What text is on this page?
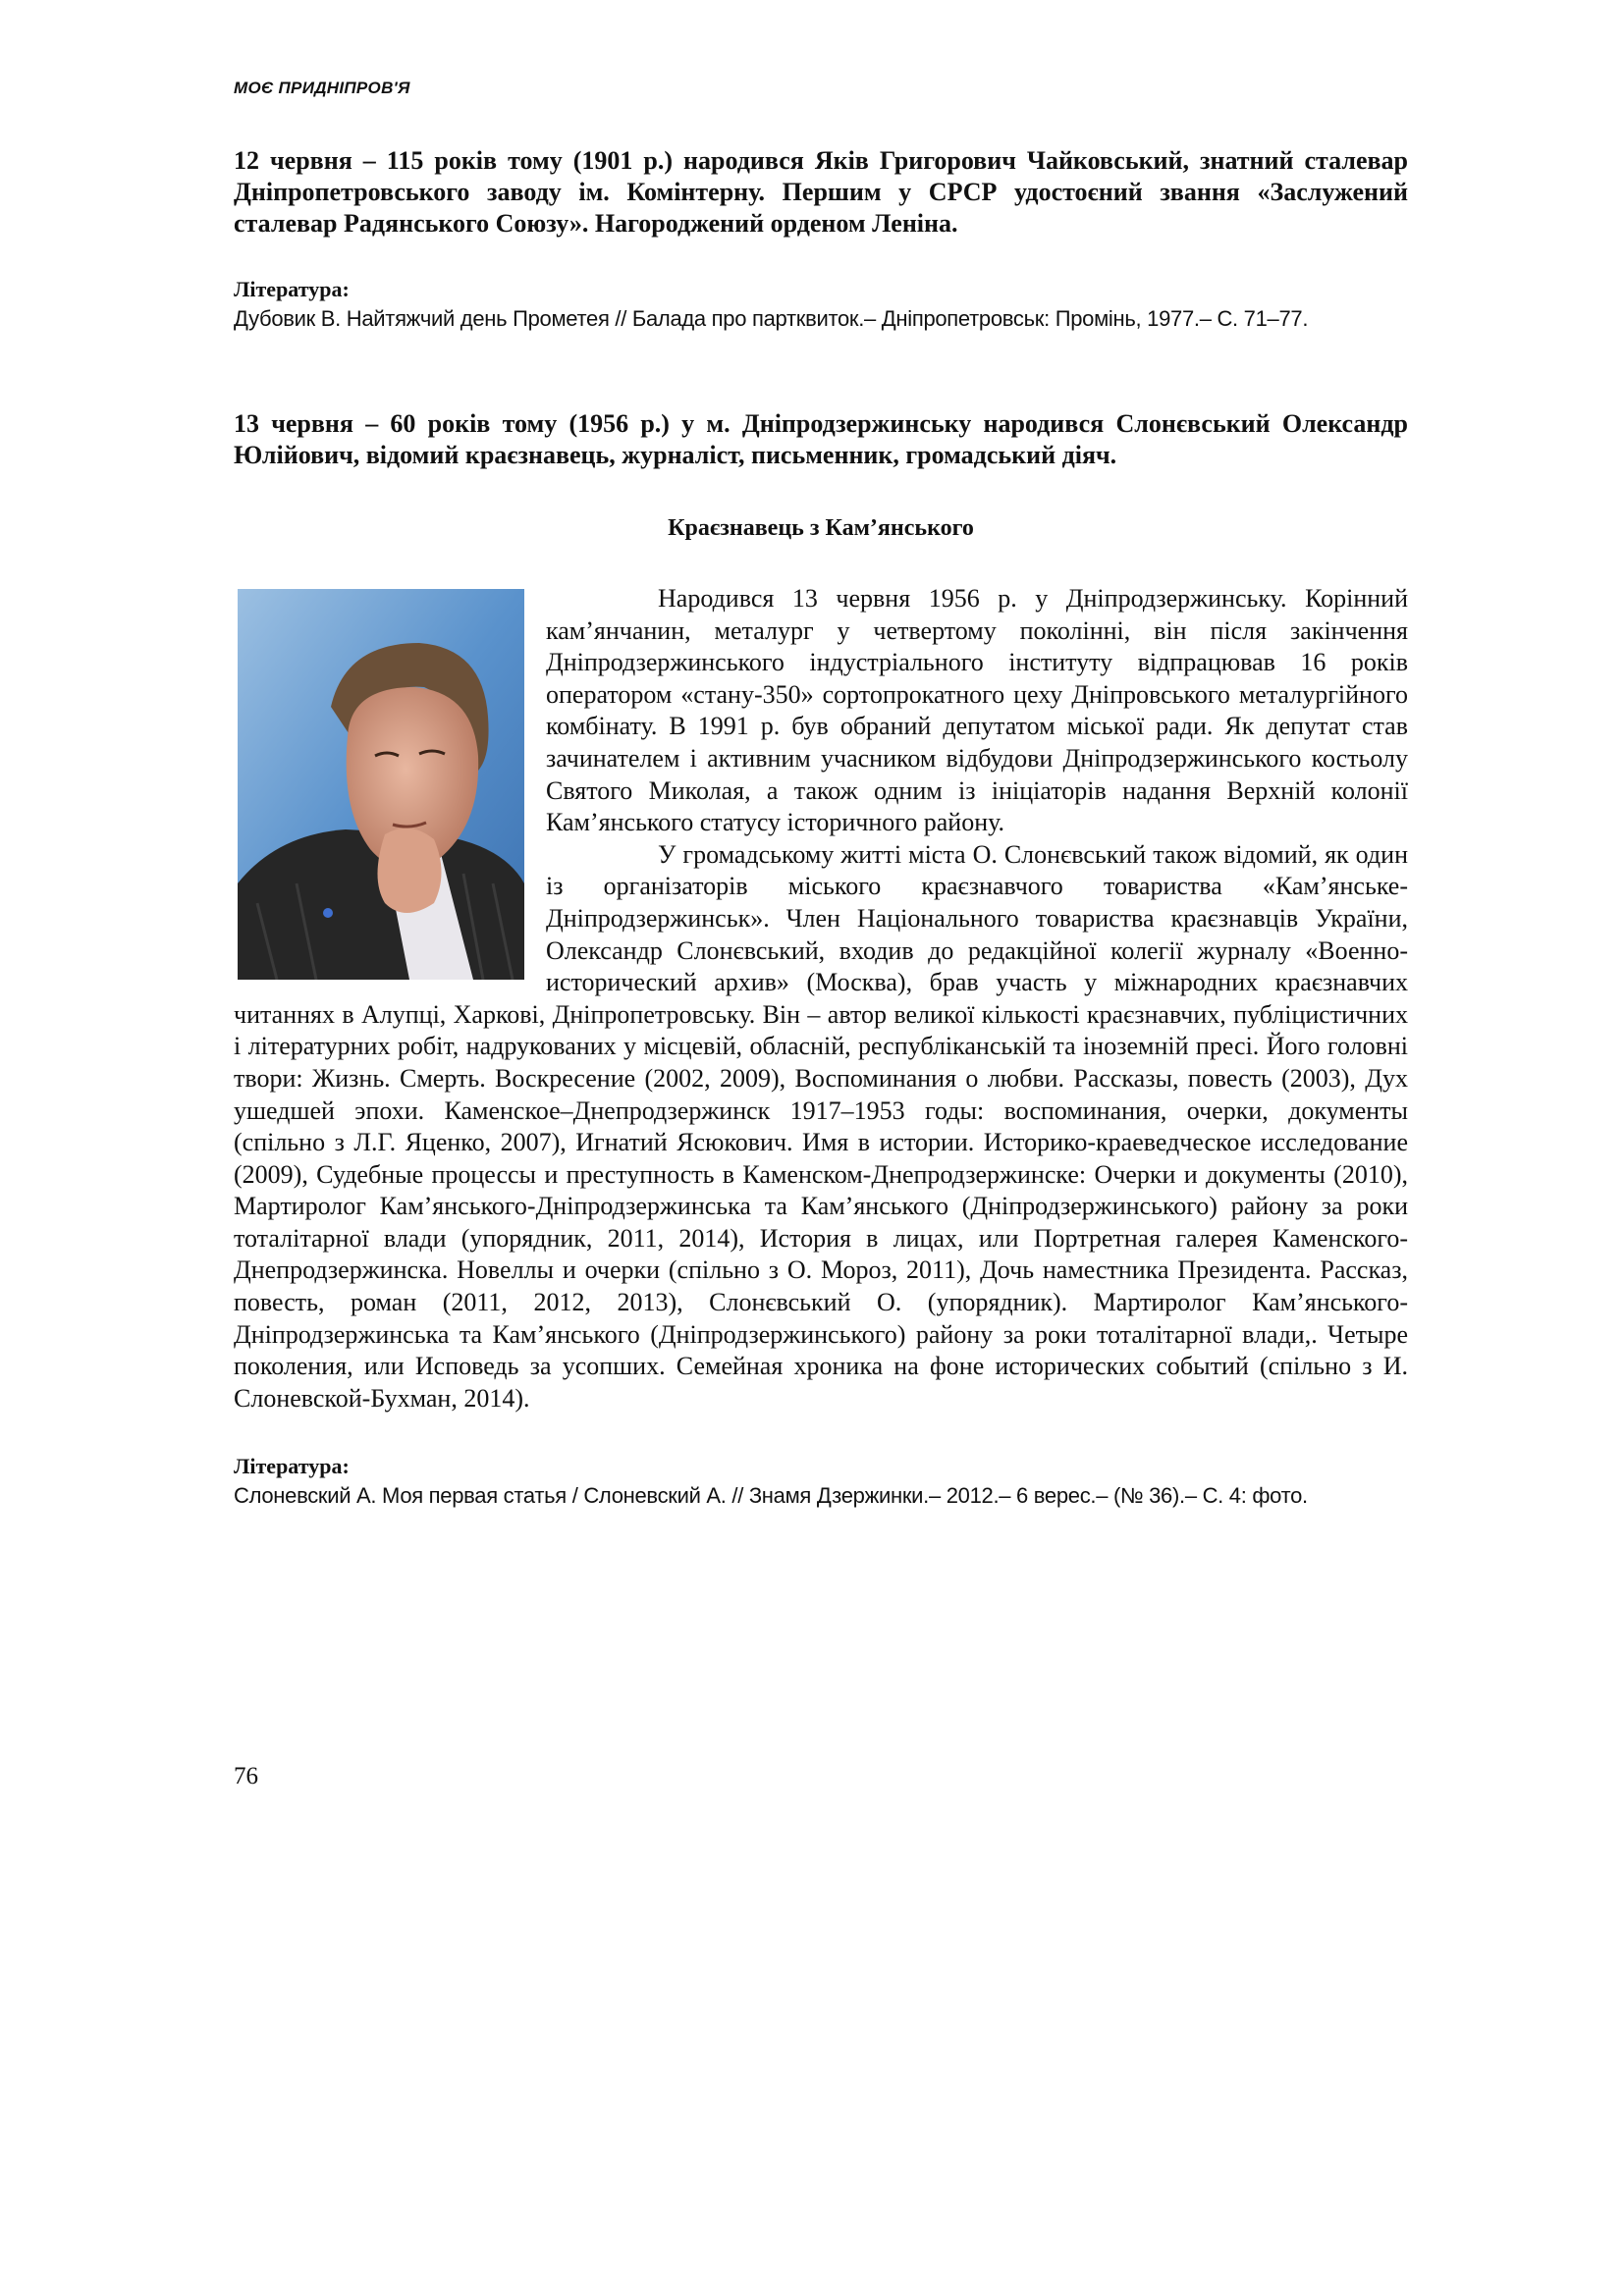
МОЄ ПРИДНІПРОВ'Я

12 червня – 115 років тому (1901 р.) народився Яків Григорович Чайковський, знатний сталевар Дніпропетровського заводу ім. Комінтерну. Першим у СРСР удостоєний звання «Заслужений сталевар Радянського Союзу». Нагороджений орденом Леніна.

Література:

Дубовик В. Найтяжчий день Прометея // Балада про партквиток.– Дніпропетровськ: Промінь, 1977.– С. 71–77.

13 червня – 60 років тому (1956 р.) у м. Дніпродзержинську народився Слонєвський Олександр Юлійович, відомий краєзнавець, журналіст, письменник, громадський діяч.

Краєзнавець з Кам’янського

Народився 13 червня 1956 р. у Дніпродзержинську. Корінний кам’янчанин, металург у четвертому поколінні, він після закінчення Дніпродзержинського індустріального інституту відпрацював 16 років оператором «стану-350» сортопрокатного цеху Дніпровського металургійного комбінату. В 1991 р. був обраний депутатом міської ради. Як депутат став зачинателем і активним учасником відбудови Дніпродзержинського костьолу Святого Миколая, а також одним із ініціаторів надання Верхній колонії Кам’янського статусу історичного району.

У громадському житті міста О. Слонєвський також відомий, як один із організаторів міського краєзнавчого товариства «Кам’янське-Дніпродзержинськ». Член Національного товариства краєзнавців України, Олександр Слонєвський, входив до редакційної колегії журналу «Военно-исторический архив» (Москва), брав участь у міжнародних краєзнавчих читаннях в Алупці, Харкові, Дніпропетровську. Він – автор великої кількості краєзнавчих, публіцистичних і літературних робіт, надрукованих у місцевій, обласній, республіканській та іноземній пресі. Його головні твори: Жизнь. Смерть. Воскресение (2002, 2009), Воспоминания о любви. Рассказы, повесть (2003), Дух ушедшей эпохи. Каменское–Днепродзержинск 1917–1953 годы: воспоминания, очерки, документы (спільно з Л.Г. Яценко, 2007), Игнатий Ясюкович. Имя в истории. Историко-краеведческое исследование (2009), Судебные процессы и преступность в Каменском-Днепродзержинске: Очерки и документы (2010), Мартиролог Кам’янського-Дніпродзержинська та Кам’янського (Дніпродзержинського) району за роки тоталітарної влади (упорядник, 2011, 2014), История в лицах, или Портретная галерея Каменского-Днепродзержинска. Новеллы и очерки (спільно з О. Мороз, 2011), Дочь наместника Президента. Рассказ, повесть, роман (2011, 2012, 2013), Слонєвський О. (упорядник). Мартиролог Кам’янського-Дніпродзержинська та Кам’янського (Дніпродзержинського) району за роки тоталітарної влади,. Четыре поколения, или Исповедь за усопших. Семейная хроника на фоне исторических событий (спільно з И. Слоневской-Бухман, 2014).

Література:

Слоневский А. Моя первая статья / Слоневский А. // Знамя Дзержинки.– 2012.– 6 верес.– (№ 36).– С. 4: фото.

76
